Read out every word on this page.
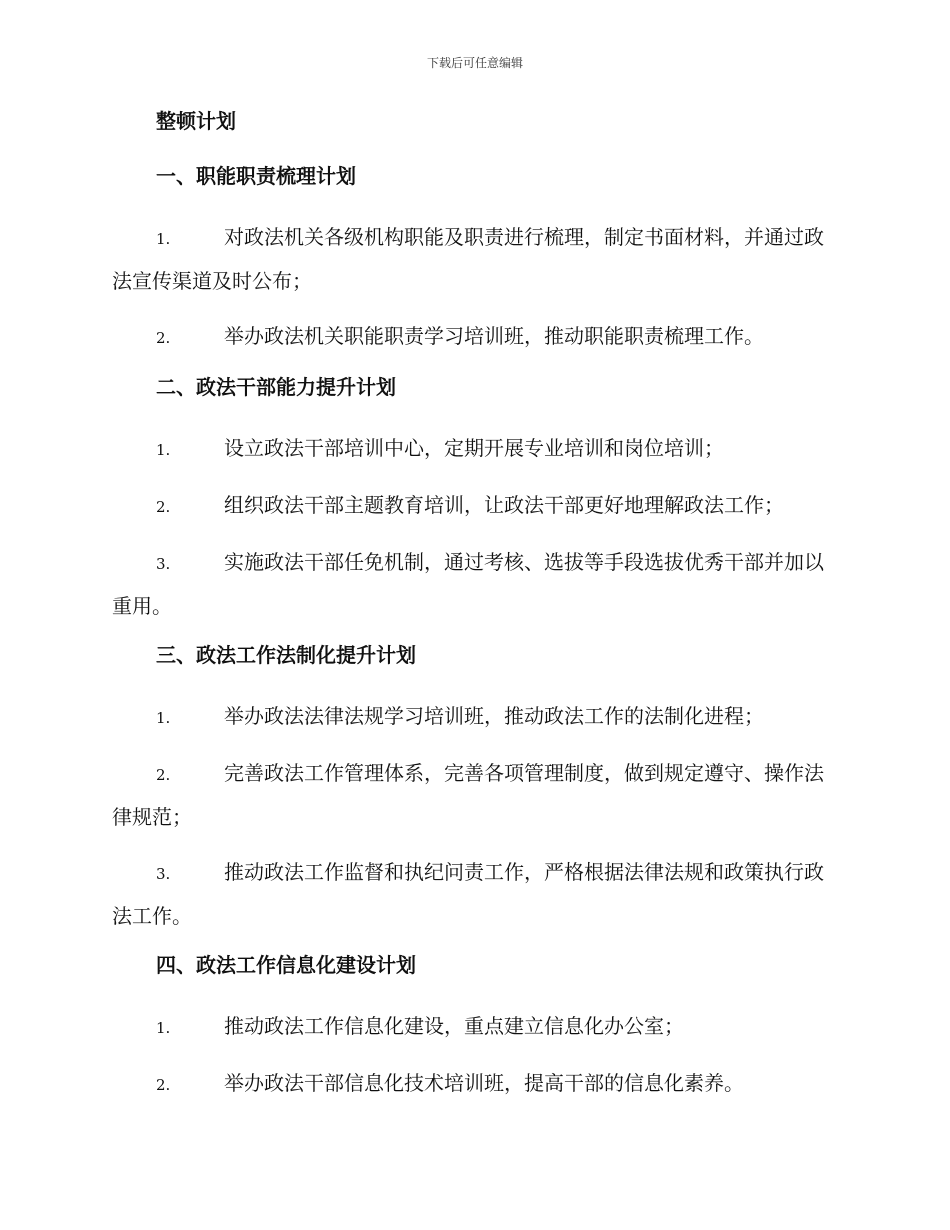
下载后可任意编辑
整顿计划
一、职能职责梳理计划

1.	对政法机关各级机构职能及职责进行梳理，制定书面材料，并通过政法宣传渠道及时公布；

2.	举办政法机关职能职责学习培训班，推动职能职责梳理工作。

二、政法干部能力提升计划

1.	设立政法干部培训中心，定期开展专业培训和岗位培训；

2.	组织政法干部主题教育培训，让政法干部更好地理解政法工作；

3.	实施政法干部任免机制，通过考核、选拔等手段选拔优秀干部并加以重用。

三、政法工作法制化提升计划

1.	举办政法法律法规学习培训班，推动政法工作的法制化进程；

2.	完善政法工作管理体系，完善各项管理制度，做到规定遵守、操作法律规范；

3.	推动政法工作监督和执纪问责工作，严格根据法律法规和政策执行政法工作。

四、政法工作信息化建设计划

1.	推动政法工作信息化建设，重点建立信息化办公室；

2.	举办政法干部信息化技术培训班，提高干部的信息化素养。
